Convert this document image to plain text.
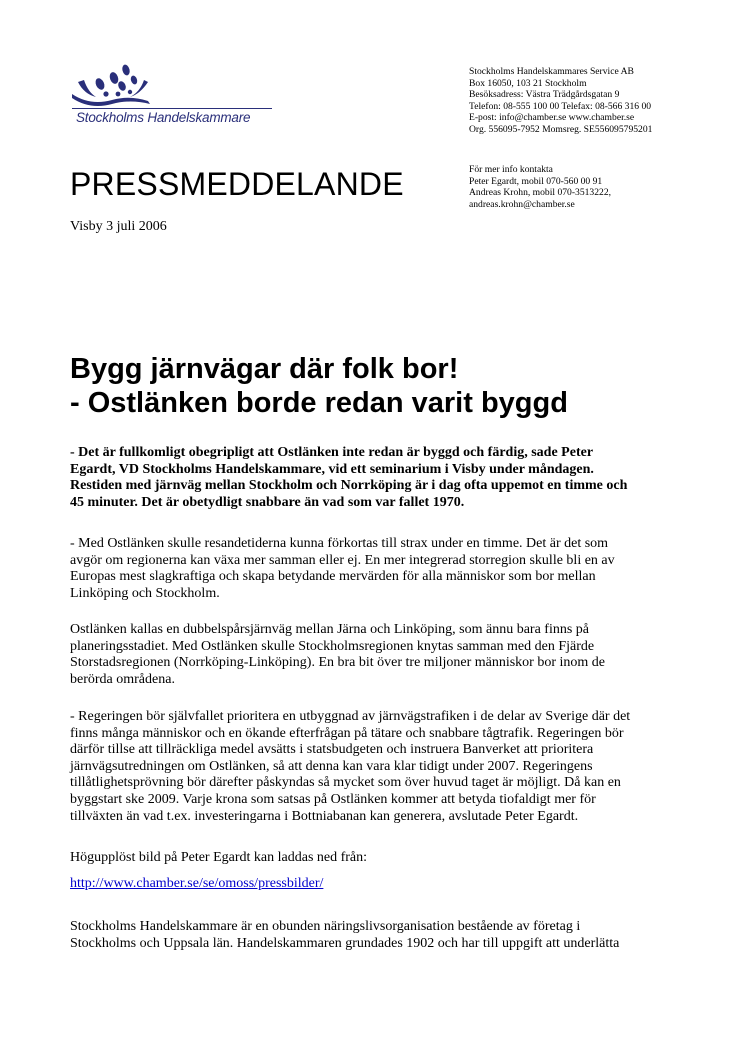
Stockholms Handelskammare
Stockholms Handelskammares Service AB
Box 16050, 103 21 Stockholm
Besöksadress: Västra Trädgårdsgatan 9
Telefon: 08-555 100 00 Telefax: 08-566 316 00
E-post: info@chamber.se www.chamber.se
Org. 556095-7952 Momsreg. SE556095795201
PRESSMEDDELANDE	För mer info kontakta
Peter Egardt, mobil 070-560 00 91
Andreas Krohn, mobil 070-3513222,
andreas.krohn@chamber.se
Visby 3 juli 2006
Bygg järnvägar där folk bor!
- Ostlänken borde redan varit byggd
- Det är fullkomligt obegripligt att Ostlänken inte redan är byggd och färdig, sade Peter
Egardt, VD Stockholms Handelskammare, vid ett seminarium i Visby under måndagen.
Restiden med järnväg mellan Stockholm och Norrköping är i dag ofta uppemot en timme och
45 minuter. Det är obetydligt snabbare än vad som var fallet 1970.
- Med Ostlänken skulle resandetiderna kunna förkortas till strax under en timme. Det är det som
avgör om regionerna kan växa mer samman eller ej. En mer integrerad storregion skulle bli en av
Europas mest slagkraftiga och skapa betydande mervärden för alla människor som bor mellan
Linköping och Stockholm.
Ostlänken kallas en dubbelspårsjärnväg mellan Järna och Linköping, som ännu bara finns på
planeringsstadiet. Med Ostlänken skulle Stockholmsregionen knytas samman med den Fjärde
Storstadsregionen (Norrköping-Linköping). En bra bit över tre miljoner människor bor inom de
berörda områdena.
- Regeringen bör självfallet prioritera en utbyggnad av järnvägstrafiken i de delar av Sverige där det
finns många människor och en ökande efterfrågan på tätare och snabbare tågtrafik. Regeringen bör
därför tillse att tillräckliga medel avsätts i statsbudgeten och instruera Banverket att prioritera
järnvägsutredningen om Ostlänken, så att denna kan vara klar tidigt under 2007. Regeringens
tillåtlighetsprövning bör därefter påskyndas så mycket som över huvud taget är möjligt. Då kan en
byggstart ske 2009. Varje krona som satsas på Ostlänken kommer att betyda tiofaldigt mer för
tillväxten än vad t.ex. investeringarna i Bottniabanan kan generera, avslutade Peter Egardt.
Högupplöst bild på Peter Egardt kan laddas ned från:
http://www.chamber.se/se/omoss/pressbilder/
Stockholms Handelskammare är en obunden näringslivsorganisation bestående av företag i
Stockholms och Uppsala län. Handelskammaren grundades 1902 och har till uppgift att underlätta
